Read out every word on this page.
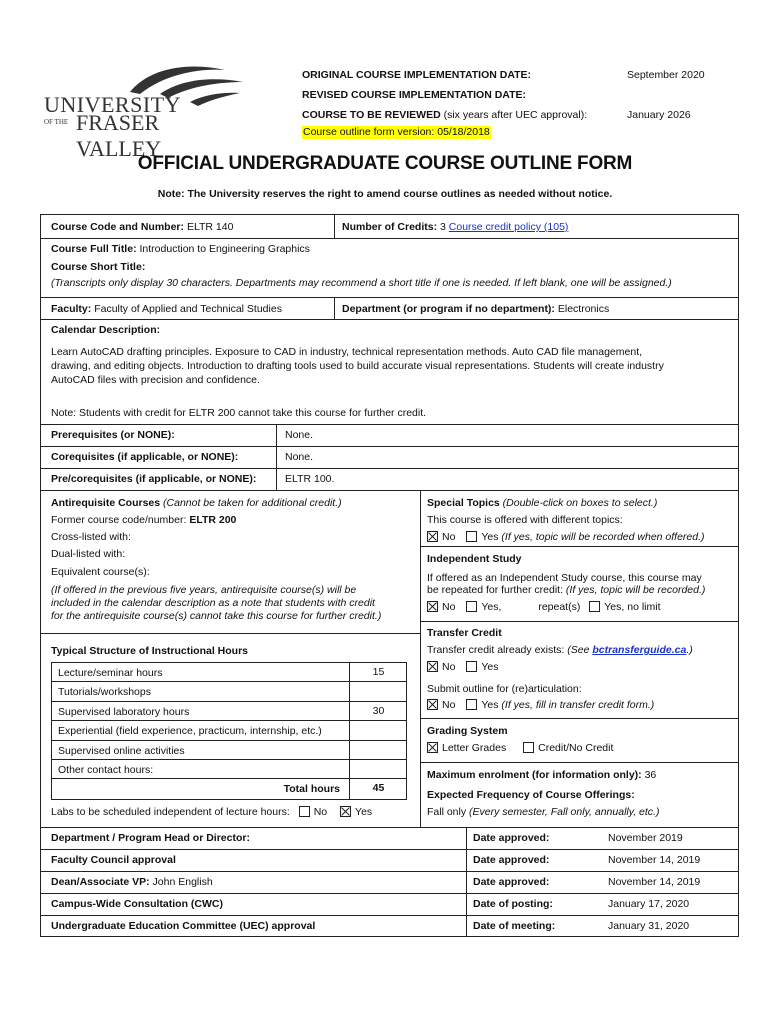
UNIVERSITY
OF THE FRASER VALLEY
ORIGINAL COURSE IMPLEMENTATION DATE:	September 2020
REVISED COURSE IMPLEMENTATION DATE:
COURSE TO BE REVIEWED (six years after UEC approval):	January 2026
Course outline form version: 05/18/2018
OFFICIAL UNDERGRADUATE COURSE OUTLINE FORM
Note: The University reserves the right to amend course outlines as needed without notice.
Course Code and Number: ELTR 140	Number of Credits: 3 Course credit policy (105)
Course Full Title: Introduction to Engineering Graphics
Course Short Title:
(Transcripts only display 30 characters. Departments may recommend a short title if one is needed. If left blank, one will be assigned.)
Faculty: Faculty of Applied and Technical Studies	Department (or program if no department): Electronics
Calendar Description:
Learn AutoCAD drafting principles. Exposure to CAD in industry, technical representation methods. Auto CAD file management,
drawing, and editing objects. Introduction to drafting tools used to build accurate visual representations. Students will create industry
AutoCAD files with precision and confidence.
Note: Students with credit for ELTR 200 cannot take this course for further credit.
Prerequisites (or NONE):	None.
Corequisites (if applicable, or NONE):	None.
Pre/corequisites (if applicable, or NONE):	ELTR 100.
Antirequisite Courses (Cannot be taken for additional credit.)
Former course code/number: ELTR 200
Cross-listed with:
Dual-listed with:
Equivalent course(s):
(If offered in the previous five years, antirequisite course(s) will be
included in the calendar description as a note that students with credit
for the antirequisite course(s) cannot take this course for further credit.)
Typical Structure of Instructional Hours
Lecture/seminar hours	15
Tutorials/workshops
Supervised laboratory hours	30
Experiential (field experience, practicum, internship, etc.)
Supervised online activities
Other contact hours:
Total hours	45
Labs to be scheduled independent of lecture hours: No	Yes
Special Topics (Double-click on boxes to select.)
This course is offered with different topics:
No Yes (If yes, topic will be recorded when offered.)
Independent Study
If offered as an Independent Study course, this course may
be repeated for further credit: (If yes, topic will be recorded.)
No Yes,	repeat(s) Yes, no limit
Transfer Credit
Transfer credit already exists: (See bctransferguide.ca.)
No Yes
Submit outline for (re)articulation:
No Yes (If yes, fill in transfer credit form.)
Grading System
Letter Grades	Credit/No Credit
Maximum enrolment (for information only): 36
Expected Frequency of Course Offerings:
Fall only (Every semester, Fall only, annually, etc.)
Department / Program Head or Director:	Date approved:	November 2019
Faculty Council approval	Date approved:	November 14, 2019
Dean/Associate VP: John English	Date approved:	November 14, 2019
Campus-Wide Consultation (CWC)	Date of posting:	January 17, 2020
Undergraduate Education Committee (UEC) approval	Date of meeting:	January 31, 2020
